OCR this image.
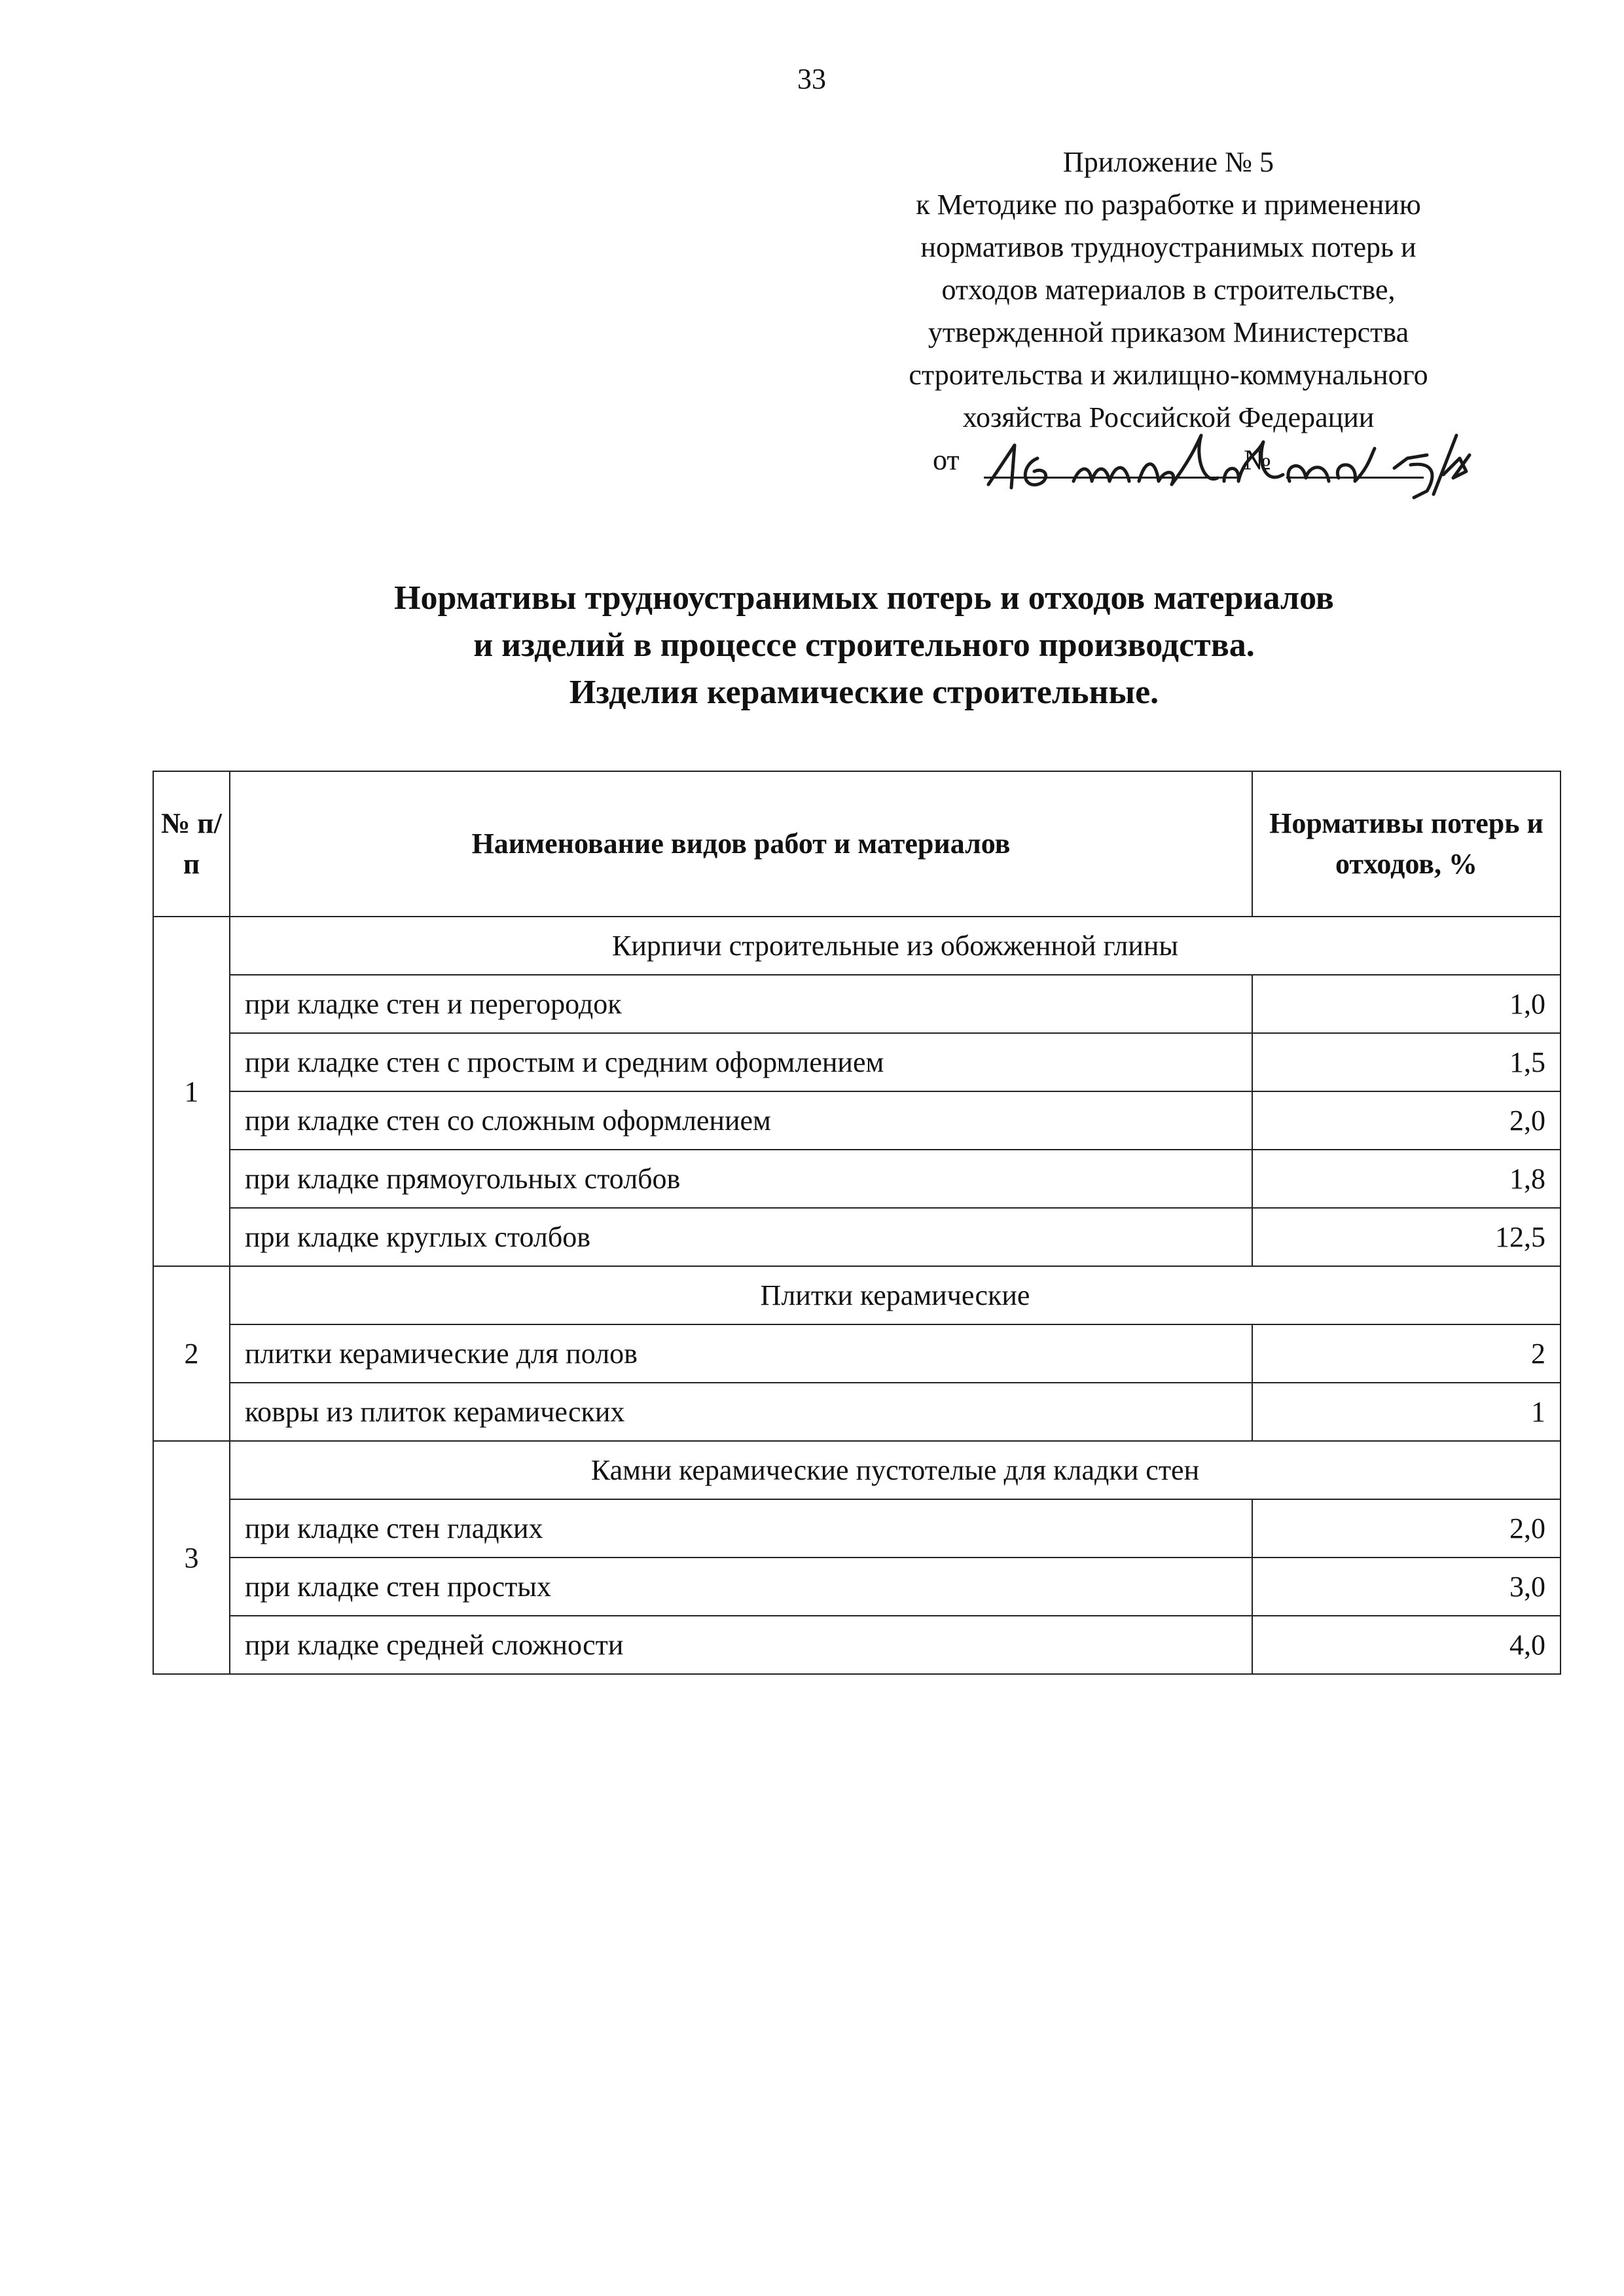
33
Приложение № 5
к Методике по разработке и применению
нормативов трудноустранимых потерь и
отходов материалов в строительстве,
утвержденной приказом Министерства
строительства и жилищно-коммунального
хозяйства Российской Федерации
от	№
Нормативы трудноустранимых потерь и отходов материалов
и изделий в процессе строительного производства.
Изделия керамические строительные.
№ п/п	Наименование видов работ и материалов	Нормативы потерь и отходов, %
1	Кирпичи строительные из обожженной глины	
	при кладке стен и перегородок	1,0
	при кладке стен с простым и средним оформлением	1,5
	при кладке стен со сложным оформлением	2,0
	при кладке прямоугольных столбов	1,8
	при кладке круглых столбов	12,5
2	Плитки керамические	
	плитки керамические для полов	2
	ковры из плиток керамических	1
3	Камни керамические пустотелые для кладки стен	
	при кладке стен гладких	2,0
	при кладке стен простых	3,0
	при кладке средней сложности	4,0
